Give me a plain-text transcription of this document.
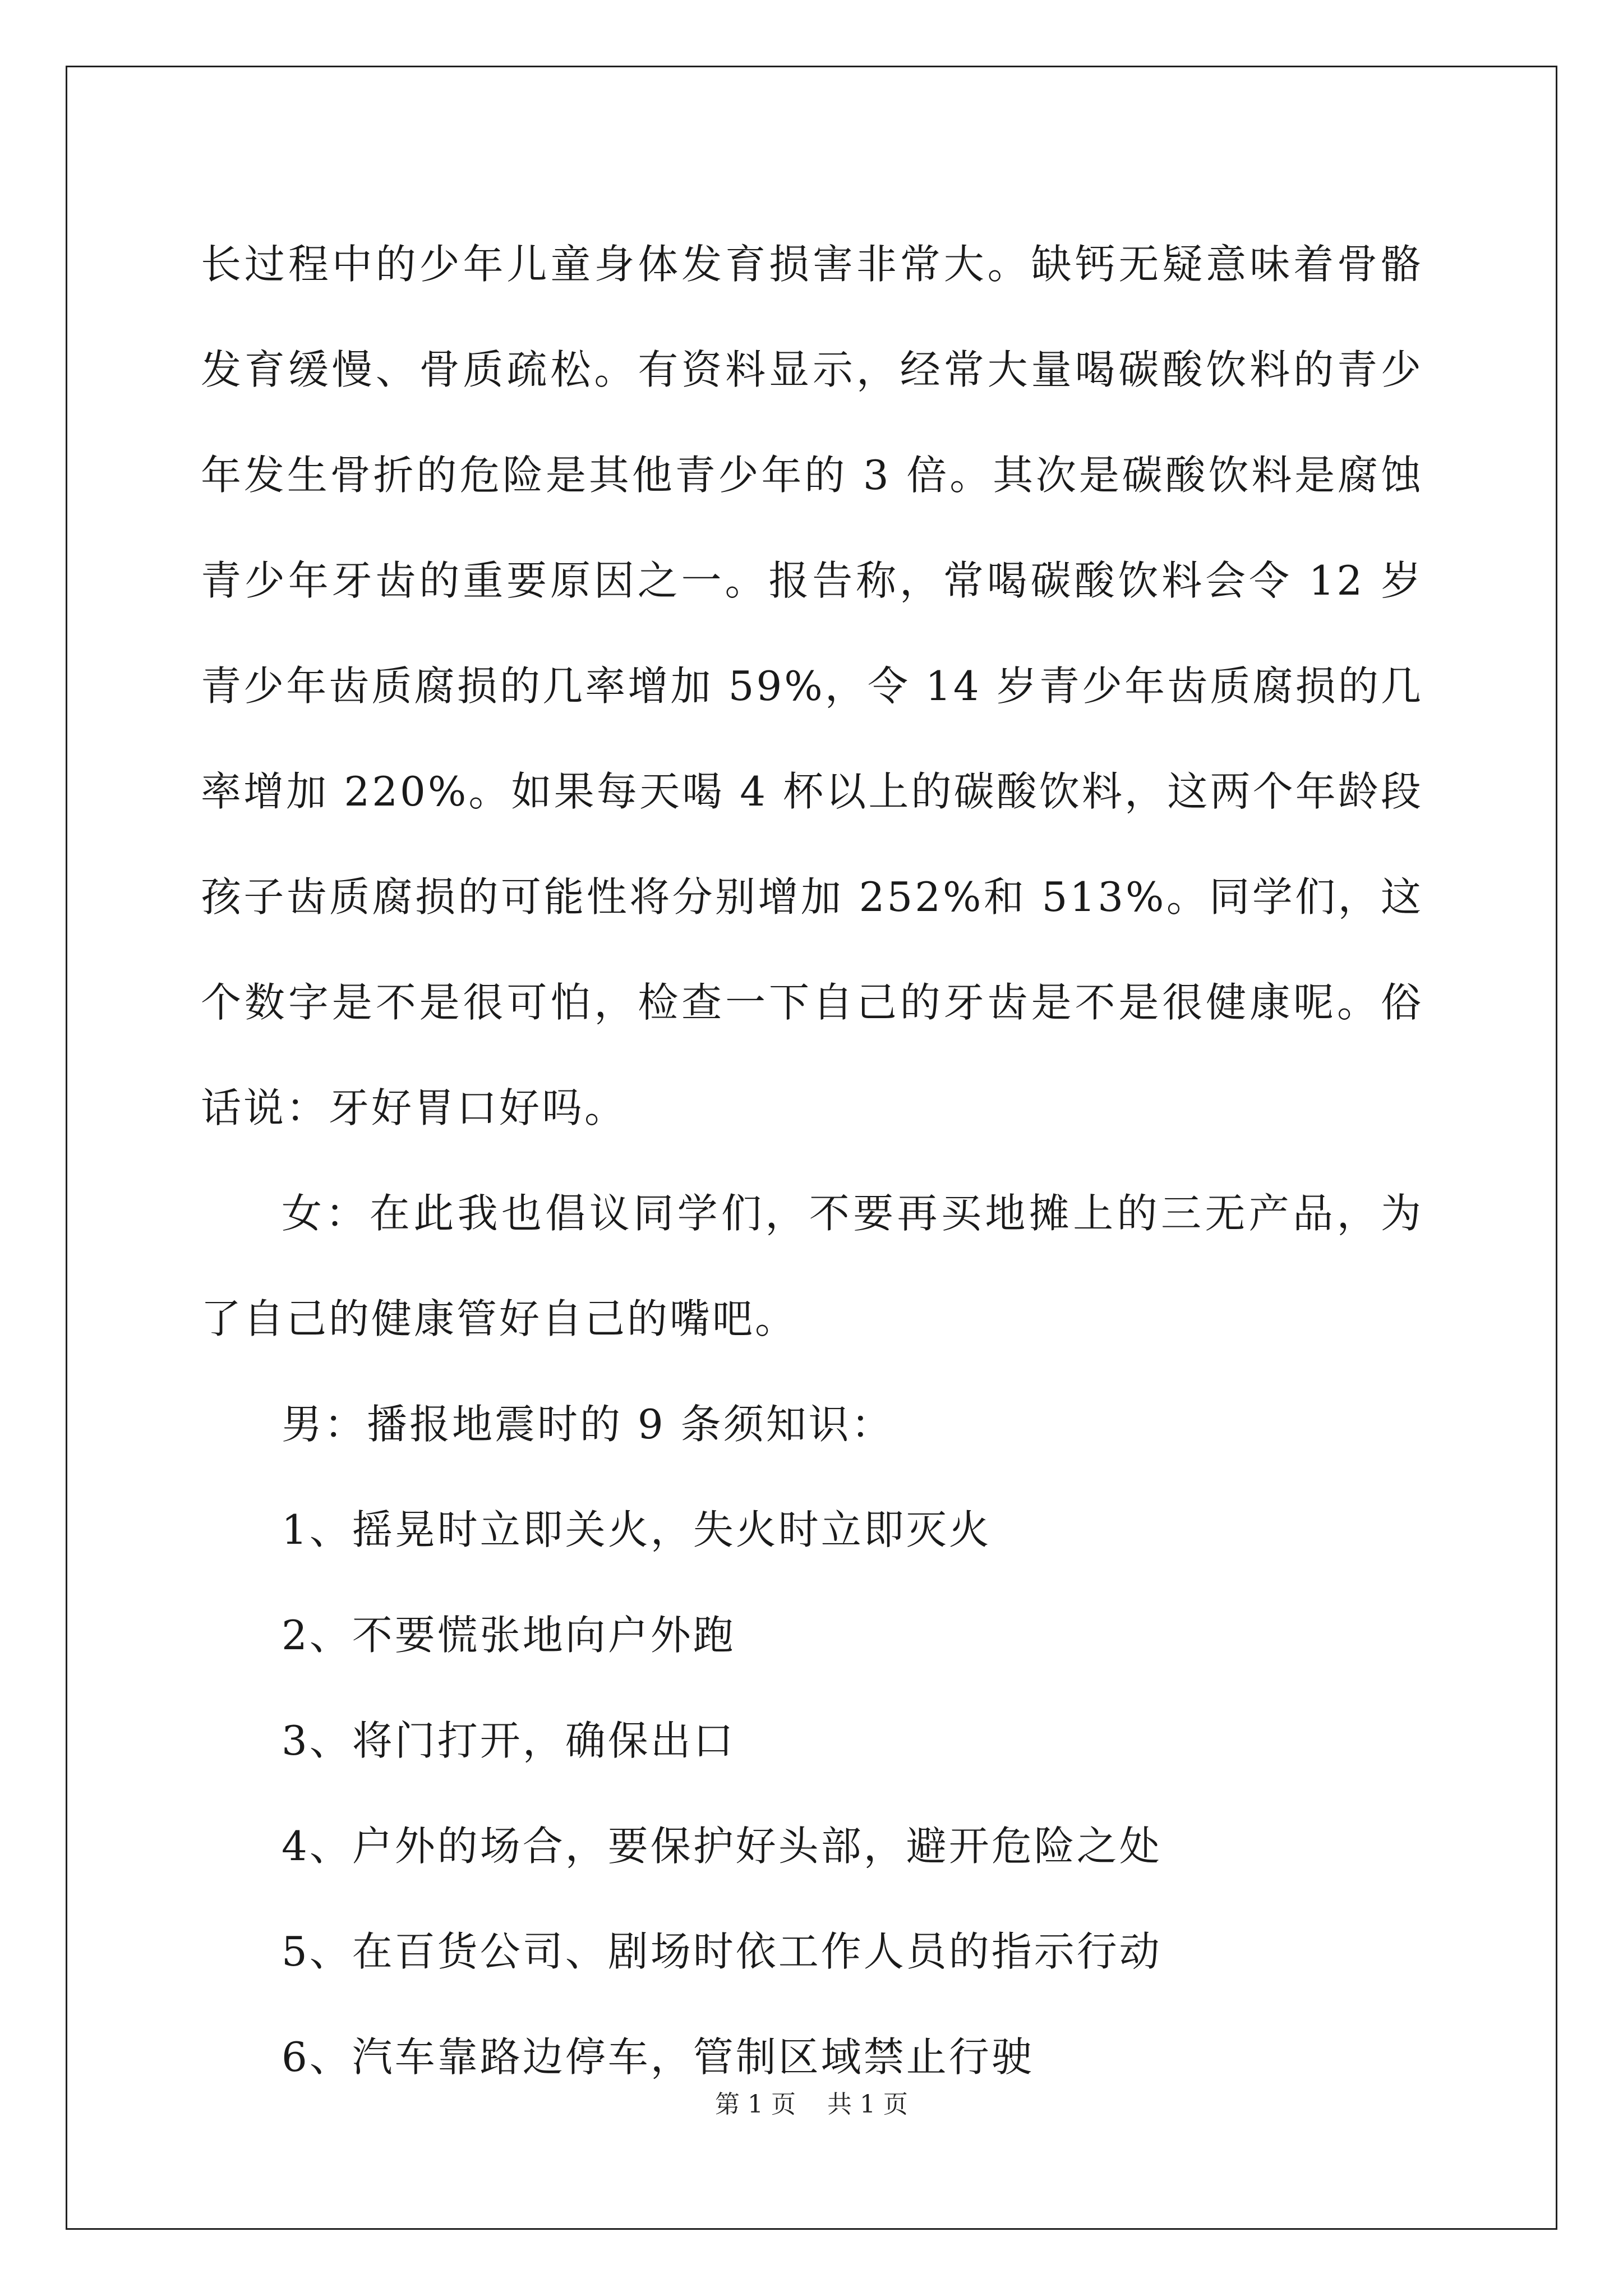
长过程中的少年儿童身体发育损害非常大。缺钙无疑意味着骨骼发育缓慢、骨质疏松。有资料显示，经常大量喝碳酸饮料的青少年发生骨折的危险是其他青少年的 3 倍。其次是碳酸饮料是腐蚀青少年牙齿的重要原因之一。报告称，常喝碳酸饮料会令 12 岁青少年齿质腐损的几率增加 59%，令 14 岁青少年齿质腐损的几率增加 220%。如果每天喝 4 杯以上的碳酸饮料，这两个年龄段孩子齿质腐损的可能性将分别增加 252%和 513%。同学们，这个数字是不是很可怕，检查一下自己的牙齿是不是很健康呢。俗话说：牙好胃口好吗。

女：在此我也倡议同学们，不要再买地摊上的三无产品，为了自己的健康管好自己的嘴吧。

男：播报地震时的 9 条须知识：

1、摇晃时立即关火，失火时立即灭火

2、不要慌张地向户外跑

3、将门打开，确保出口

4、户外的场合，要保护好头部，避开危险之处

5、在百货公司、剧场时依工作人员的指示行动

6、汽车靠路边停车，管制区域禁止行驶

第 1 页 共 1 页
